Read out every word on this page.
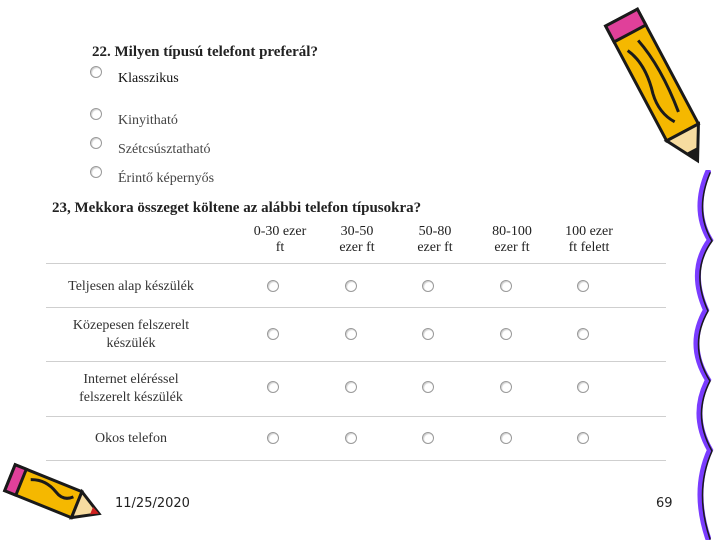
22. Milyen típusú telefont preferál?
Klasszikus
Kinyitható
Szétcsúsztatható
Érintő képernyős
23, Mekkora összeget költene az alábbi telefon típusokra?
0-30 ezer
ft
30-50
ezer ft
50-80
ezer ft
80-100
ezer ft
100 ezer
ft felett
Teljesen alap készülék
Közepesen felszerelt
készülék
Internet eléréssel
felszerelt készülék
Okos telefon
11/25/2020	69
